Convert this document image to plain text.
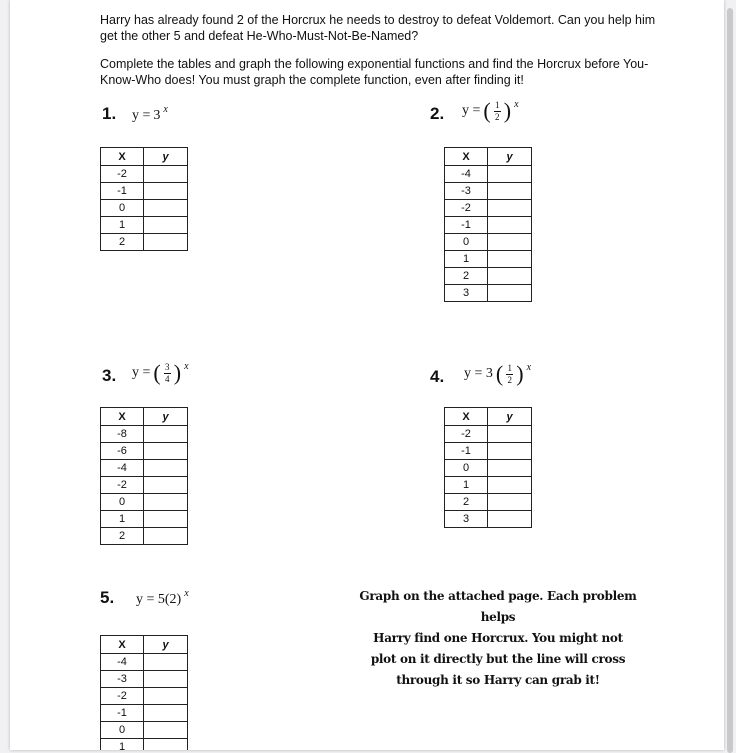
Harry has already found 2 of the Horcrux he needs to destroy to defeat Voldemort. Can you help him get the other 5 and defeat He-Who-Must-Not-Be-Named?
Complete the tables and graph the following exponential functions and find the Horcrux before You-Know-Who does! You must graph the complete function, even after finding it!
1. y = 3 x
X	y
-2	
-1	
0	
1	
2	
2. y = ( $\frac{1}{2}$ ) x
X	y
-4	
-3	
-2	
-1	
0	
1	
2	
3	
3. y = ( $\frac{3}{4}$ ) x
X	y
-8	
-6	
-4	
-2	
0	
1	
2	
4. y = 3 ( $\frac{1}{2}$ ) x
X	y
-2	
-1	
0	
1	
2	
3	
5. y = 5(2) x
X	y
-4	
-3	
-2	
-1	
0	
1	
Graph on the attached page. Each problem helps
Harry find one Horcrux. You might not
plot on it directly but the line will cross
through it so Harry can grab it!
